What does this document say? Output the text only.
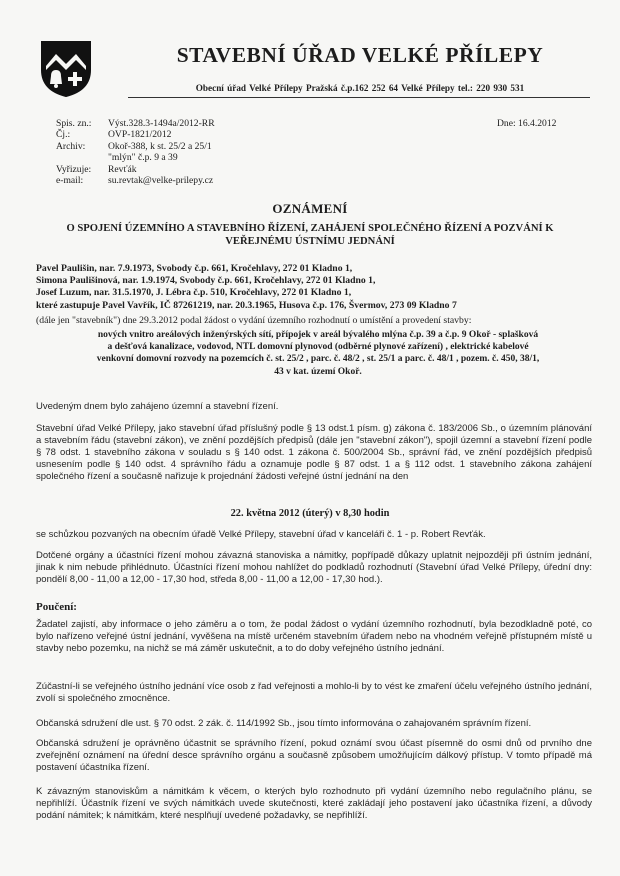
STAVEBNÍ ÚŘAD VELKÉ PŘÍLEPY
Obecní úřad Velké Přílepy Pražská č.p.162 252 64 Velké Přílepy tel.: 220 930 531
Spis. zn.:	Výst.328.3-1494a/2012-RR
Čj.:	OVP-1821/2012
Archiv:	Okoř-388, k st. 25/2 a 25/1
"mlýn" č.p. 9 a 39
Vyřizuje:	Revťák
e-mail:	su.revtak@velke-prilepy.cz
Dne: 16.4.2012
OZNÁMENÍ
O SPOJENÍ ÚZEMNÍHO A STAVEBNÍHO ŘÍZENÍ, ZAHÁJENÍ SPOLEČNÉHO ŘÍZENÍ A POZVÁNÍ K
VEŘEJNÉMU ÚSTNÍMU JEDNÁNÍ
Pavel Paulišin, nar. 7.9.1973, Svobody č.p. 661, Kročehlavy, 272 01 Kladno 1,
Simona Paulišinová, nar. 1.9.1974, Svobody č.p. 661, Kročehlavy, 272 01 Kladno 1,
Josef Luzum, nar. 31.5.1970, J. Lébra č.p. 510, Kročehlavy, 272 01 Kladno 1,
které zastupuje Pavel Vavřík, IČ 87261219, nar. 20.3.1965, Husova č.p. 176, Švermov, 273 09 Kladno 7
(dále jen "stavebník") dne 29.3.2012 podal žádost o vydání územního rozhodnutí o umístění a provedení stavby:
nových vnitro areálových inženýrských sítí, přípojek v areál bývalého mlýna č.p. 39 a č.p. 9 Okoř - splašková
a dešťová kanalizace, vodovod, NTL domovní plynovod (odběrné plynové zařízení) , elektrické kabelové
venkovní domovní rozvody na pozemcích č. st. 25/2 , parc. č. 48/2 , st. 25/1 a parc. č. 48/1 , pozem. č. 450, 38/1,
43 v kat. území Okoř.
Uvedeným dnem bylo zahájeno územní a stavební řízení.
Stavební úřad Velké Přílepy, jako stavební úřad příslušný podle § 13 odst.1 písm. g) zákona č. 183/2006 Sb., o územním plánování a stavebním řádu (stavební zákon), ve znění pozdějších předpisů (dále jen "stavební zákon"), spojil územní a stavební řízení podle § 78 odst. 1 stavebního zákona v souladu s § 140 odst. 1 zákona č. 500/2004 Sb., správní řád, ve znění pozdějších předpisů usnesením podle § 140 odst. 4 správního řádu a oznamuje podle § 87 odst. 1 a § 112 odst. 1 stavebního zákona zahájení společného řízení a současně nařizuje k projednání žádosti veřejné ústní jednání na den
22. května 2012 (úterý) v 8,30 hodin
se schůzkou pozvaných na obecním úřadě Velké Přílepy, stavební úřad v kanceláři č. 1 - p. Robert Revťák.
Dotčené orgány a účastníci řízení mohou závazná stanoviska a námitky, popřípadě důkazy uplatnit nejpozději při ústním jednání, jinak k nim nebude přihlédnuto. Účastníci řízení mohou nahlížet do podkladů rozhodnutí (Stavební úřad Velké Přílepy, úřední dny: pondělí 8,00 - 11,00 a 12,00 - 17,30 hod, středa 8,00 - 11,00 a 12,00 - 17,30 hod.).
Poučení:
Žadatel zajistí, aby informace o jeho záměru a o tom, že podal žádost o vydání územního rozhodnutí, byla bezodkladně poté, co bylo nařízeno veřejné ústní jednání, vyvěšena na místě určeném stavebním úřadem nebo na vhodném veřejně přístupném místě u stavby nebo pozemku, na nichž se má záměr uskutečnit, a to do doby veřejného ústního jednání.
Zúčastní-li se veřejného ústního jednání více osob z řad veřejnosti a mohlo-li by to vést ke zmaření účelu veřejného ústního jednání, zvolí si společného zmocněnce.
Občanská sdružení dle ust. § 70 odst. 2 zák. č. 114/1992 Sb., jsou tímto informována o zahajovaném správním řízení.
Občanská sdružení je oprávněno účastnit se správního řízení, pokud oznámí svou účast písemně do osmi dnů od prvního dne zveřejnění oznámení na úřední desce správního orgánu a současně způsobem umožňujícím dálkový přístup. V tomto případě má postavení účastníka řízení.
K závazným stanoviskům a námitkám k věcem, o kterých bylo rozhodnuto při vydání územního nebo regulačního plánu, se nepřihlíží. Účastník řízení ve svých námitkách uvede skutečnosti, které zakládají jeho postavení jako účastníka řízení, a důvody podání námitek; k námitkám, které nesplňují uvedené požadavky, se nepřihlíží.
